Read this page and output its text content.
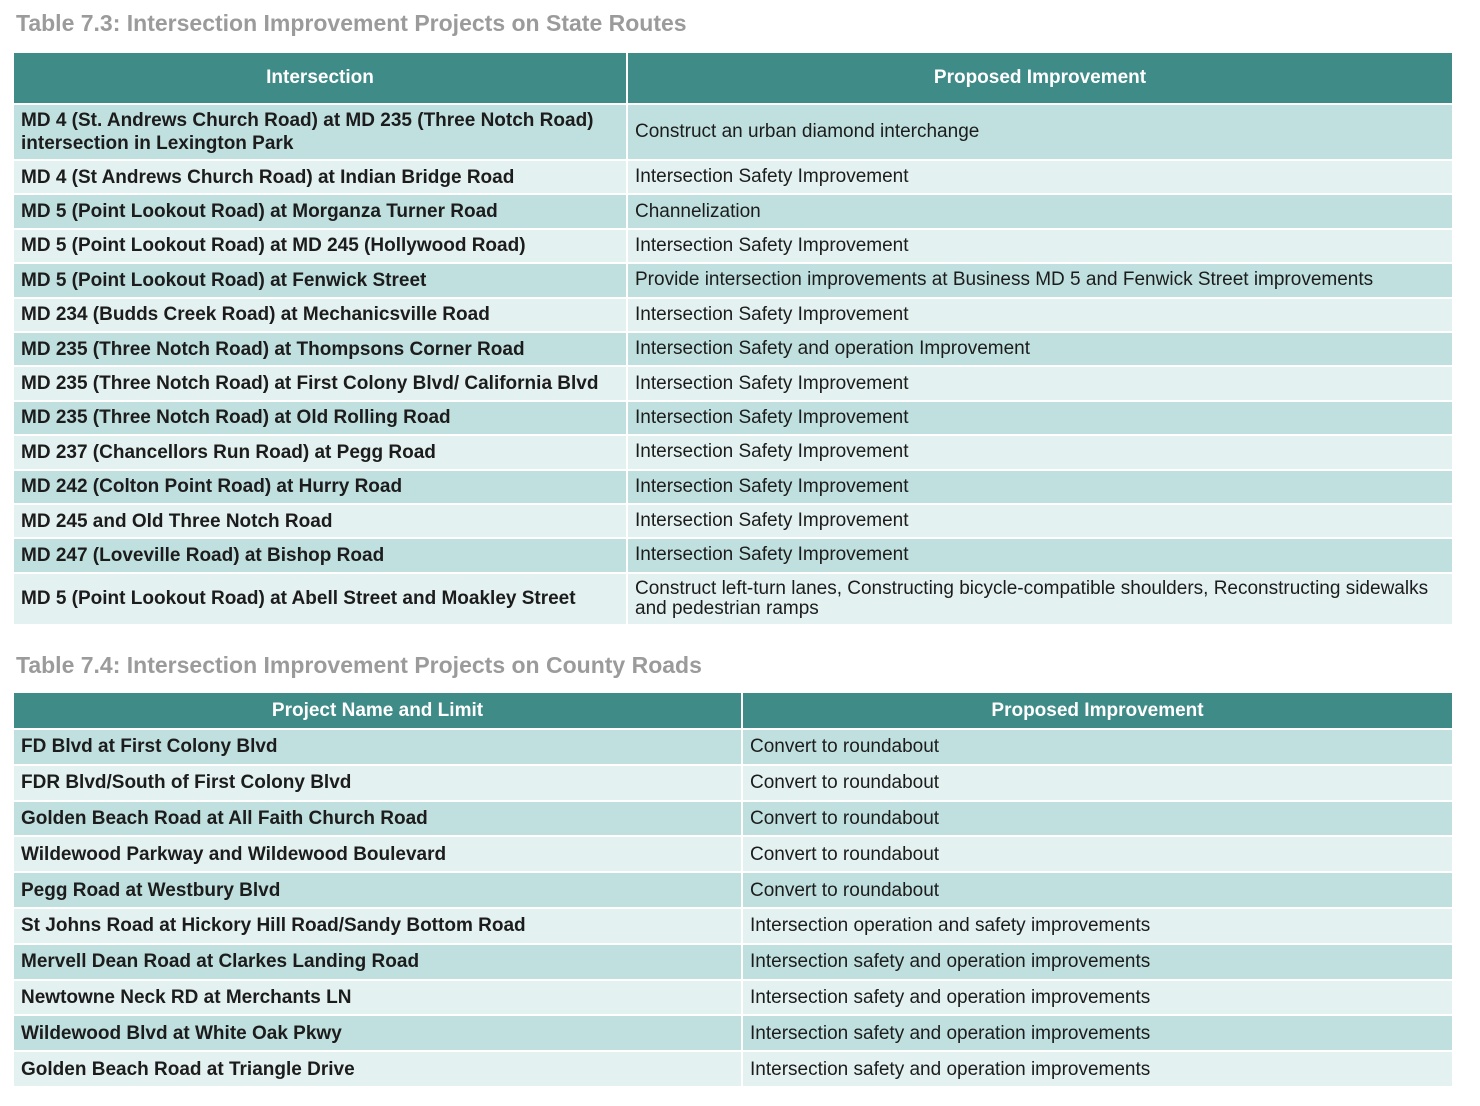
Table 7.3: Intersection Improvement Projects on State Routes
Intersection	Proposed Improvement
MD 4 (St. Andrews Church Road) at MD 235 (Three Notch Road) intersection in Lexington Park	Construct an urban diamond interchange
MD 4 (St Andrews Church Road) at Indian Bridge Road	Intersection Safety Improvement
MD 5 (Point Lookout Road) at Morganza Turner Road	Channelization
MD 5 (Point Lookout Road) at MD 245 (Hollywood Road)	Intersection Safety Improvement
MD 5 (Point Lookout Road) at Fenwick Street	Provide intersection improvements at Business MD 5 and Fenwick Street improvements
MD 234 (Budds Creek Road) at Mechanicsville Road	Intersection Safety Improvement
MD 235 (Three Notch Road) at Thompsons Corner Road	Intersection Safety and operation Improvement
MD 235 (Three Notch Road) at First Colony Blvd/ California Blvd	Intersection Safety Improvement
MD 235 (Three Notch Road) at Old Rolling Road	Intersection Safety Improvement
MD 237 (Chancellors Run Road) at Pegg Road	Intersection Safety Improvement
MD 242 (Colton Point Road) at Hurry Road	Intersection Safety Improvement
MD 245 and Old Three Notch Road	Intersection Safety Improvement
MD 247 (Loveville Road) at Bishop Road	Intersection Safety Improvement
MD 5 (Point Lookout Road) at Abell Street and Moakley Street	Construct left-turn lanes, Constructing bicycle-compatible shoulders, Reconstructing sidewalks and pedestrian ramps
Table 7.4: Intersection Improvement Projects on County Roads
Project Name and Limit	Proposed Improvement
FD Blvd at First Colony Blvd	Convert to roundabout
FDR Blvd/South of First Colony Blvd	Convert to roundabout
Golden Beach Road at All Faith Church Road	Convert to roundabout
Wildewood Parkway and Wildewood Boulevard	Convert to roundabout
Pegg Road at Westbury Blvd	Convert to roundabout
St Johns Road at Hickory Hill Road/Sandy Bottom Road	Intersection operation and safety improvements
Mervell Dean Road at Clarkes Landing Road	Intersection safety and operation improvements
Newtowne Neck RD at Merchants LN	Intersection safety and operation improvements
Wildewood Blvd at White Oak Pkwy	Intersection safety and operation improvements
Golden Beach Road at Triangle Drive	Intersection safety and operation improvements
